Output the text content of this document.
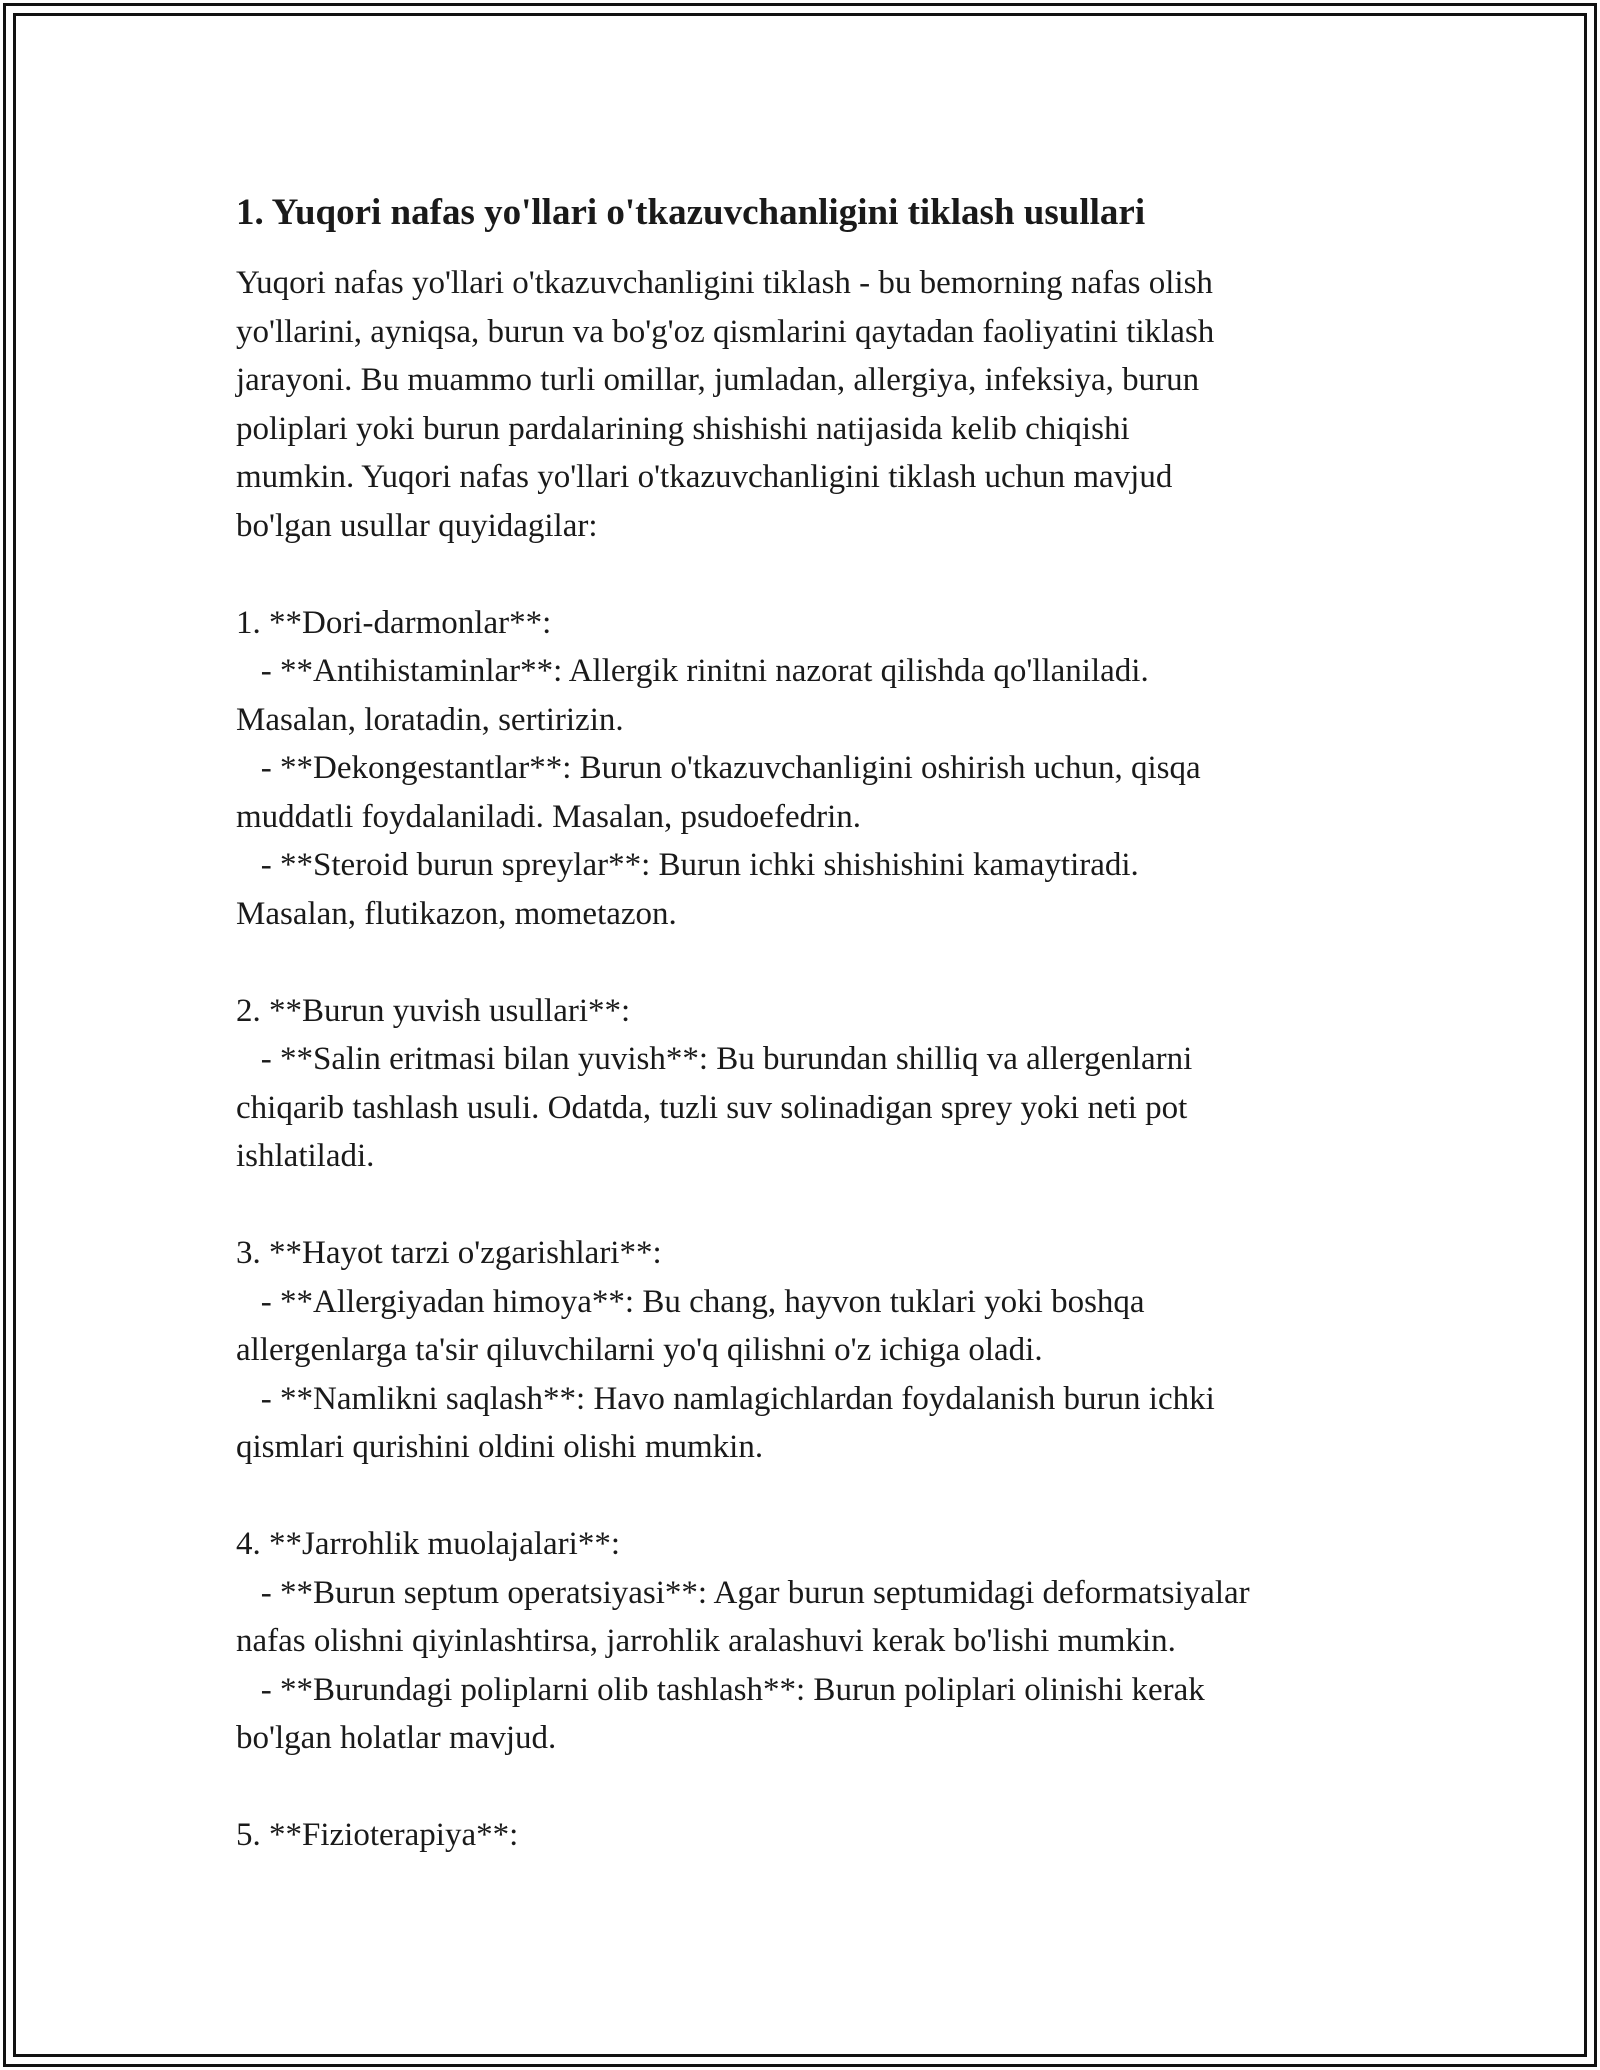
1. Yuqori nafas yo'llari o'tkazuvchanligini tiklash usullari
Yuqori nafas yo'llari o'tkazuvchanligini tiklash - bu bemorning nafas olish
yo'llarini, ayniqsa, burun va bo'g'oz qismlarini qaytadan faoliyatini tiklash
jarayoni. Bu muammo turli omillar, jumladan, allergiya, infeksiya, burun
poliplari yoki burun pardalarining shishishi natijasida kelib chiqishi
mumkin. Yuqori nafas yo'llari o'tkazuvchanligini tiklash uchun mavjud
bo'lgan usullar quyidagilar:
1. **Dori-darmonlar**:
- **Antihistaminlar**: Allergik rinitni nazorat qilishda qo'llaniladi.
Masalan, loratadin, sertirizin.
- **Dekongestantlar**: Burun o'tkazuvchanligini oshirish uchun, qisqa
muddatli foydalaniladi. Masalan, psudoefedrin.
- **Steroid burun spreylar**: Burun ichki shishishini kamaytiradi.
Masalan, flutikazon, mometazon.
2. **Burun yuvish usullari**:
- **Salin eritmasi bilan yuvish**: Bu burundan shilliq va allergenlarni
chiqarib tashlash usuli. Odatda, tuzli suv solinadigan sprey yoki neti pot
ishlatiladi.
3. **Hayot tarzi o'zgarishlari**:
- **Allergiyadan himoya**: Bu chang, hayvon tuklari yoki boshqa
allergenlarga ta'sir qiluvchilarni yo'q qilishni o'z ichiga oladi.
- **Namlikni saqlash**: Havo namlagichlardan foydalanish burun ichki
qismlari qurishini oldini olishi mumkin.
4. **Jarrohlik muolajalari**:
- **Burun septum operatsiyasi**: Agar burun septumidagi deformatsiyalar
nafas olishni qiyinlashtirsa, jarrohlik aralashuvi kerak bo'lishi mumkin.
- **Burundagi poliplarni olib tashlash**: Burun poliplari olinishi kerak
bo'lgan holatlar mavjud.
5. **Fizioterapiya**:
